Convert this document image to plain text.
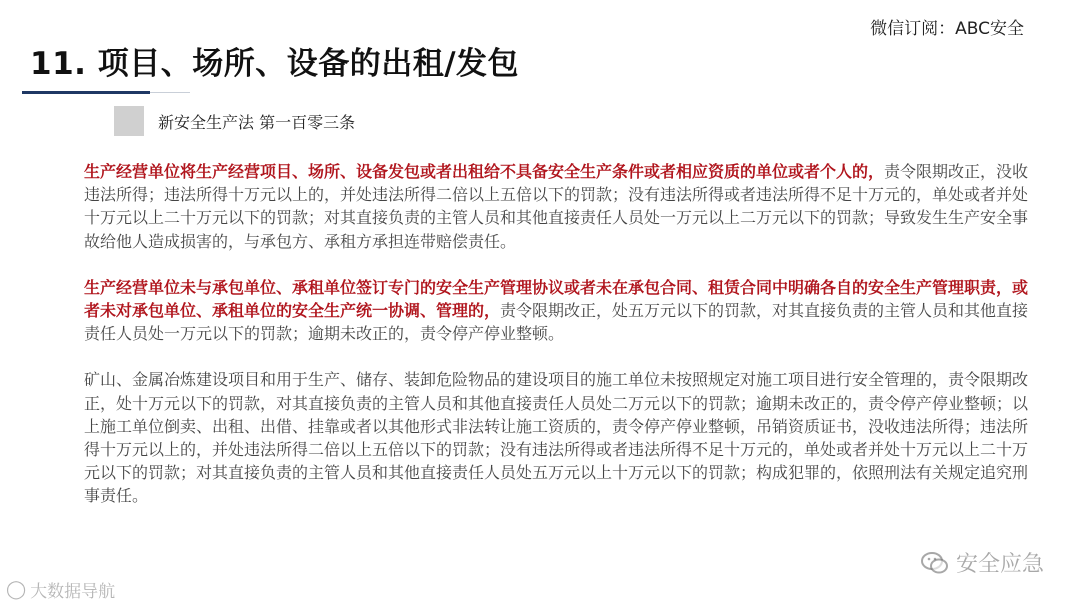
微信订阅：ABC安全
11. 项目、场所、设备的出租/发包
新安全生产法 第一百零三条

生产经营单位将生产经营项目、场所、设备发包或者出租给不具备安全生产条件或者相应资质的单位或者个人的，责令限期改正，没收违法所得；违法所得十万元以上的，并处违法所得二倍以上五倍以下的罚款；没有违法所得或者违法所得不足十万元的，单处或者并处十万元以上二十万元以下的罚款；对其直接负责的主管人员和其他直接责任人员处一万元以上二万元以下的罚款；导致发生生产安全事故给他人造成损害的，与承包方、承租方承担连带赔偿责任。

生产经营单位未与承包单位、承租单位签订专门的安全生产管理协议或者未在承包合同、租赁合同中明确各自的安全生产管理职责，或者未对承包单位、承租单位的安全生产统一协调、管理的，责令限期改正，处五万元以下的罚款，对其直接负责的主管人员和其他直接责任人员处一万元以下的罚款；逾期未改正的，责令停产停业整顿。

矿山、金属冶炼建设项目和用于生产、储存、装卸危险物品的建设项目的施工单位未按照规定对施工项目进行安全管理的，责令限期改正，处十万元以下的罚款，对其直接负责的主管人员和其他直接责任人员处二万元以下的罚款；逾期未改正的，责令停产停业整顿；以上施工单位倒卖、出租、出借、挂靠或者以其他形式非法转让施工资质的，责令停产停业整顿，吊销资质证书，没收违法所得；违法所得十万元以上的，并处违法所得二倍以上五倍以下的罚款；没有违法所得或者违法所得不足十万元的，单处或者并处十万元以上二十万元以下的罚款；对其直接负责的主管人员和其他直接责任人员处五万元以上十万元以下的罚款；构成犯罪的，依照刑法有关规定追究刑事责任。

◯ 大数据导航
安全应急
